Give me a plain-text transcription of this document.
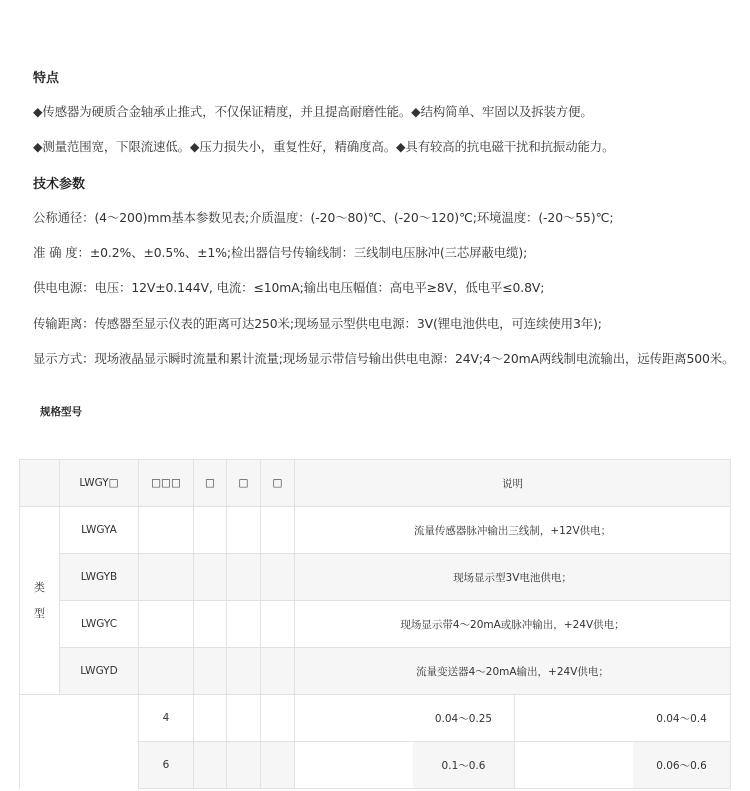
特点

◆传感器为硬质合金轴承止推式，不仅保证精度，并且提高耐磨性能。◆结构简单、牢固以及拆装方便。

◆测量范围宽，下限流速低。◆压力损失小，重复性好，精确度高。◆具有较高的抗电磁干扰和抗振动能力。

技术参数

公称通径：(4～200)mm基本参数见表;介质温度：(-20～80)℃、(-20～120)℃;环境温度：(-20～55)℃;

准 确 度：±0.2%、±0.5%、±1%;检出器信号传输线制：三线制电压脉冲(三芯屏蔽电缆);

供电电源：电压：12V±0.144V, 电流：≤10mA;输出电压幅值：高电平≥8V，低电平≤0.8V;

传输距离：传感器至显示仪表的距离可达250米;现场显示型供电电源：3V(锂电池供电，可连续使用3年);

显示方式：现场液晶显示瞬时流量和累计流量;现场显示带信号输出供电电源：24V;4～20mA两线制电流输出，远传距离500米。

规格型号
	LWGY□	□□□	□	□	□	说明			
类
型	LWGYA					流量传感器脉冲输出三线制，+12V供电；			
	LWGYB					现场显示型3V电池供电；			
	LWGYC					现场显示带4～20mA或脉冲输出，+24V供电；			
	LWGYD					流量变送器4～20mA输出，+24V供电；			
		4					0.04～0.25		0.04～0.4
		6					0.1～0.6		0.06～0.6
